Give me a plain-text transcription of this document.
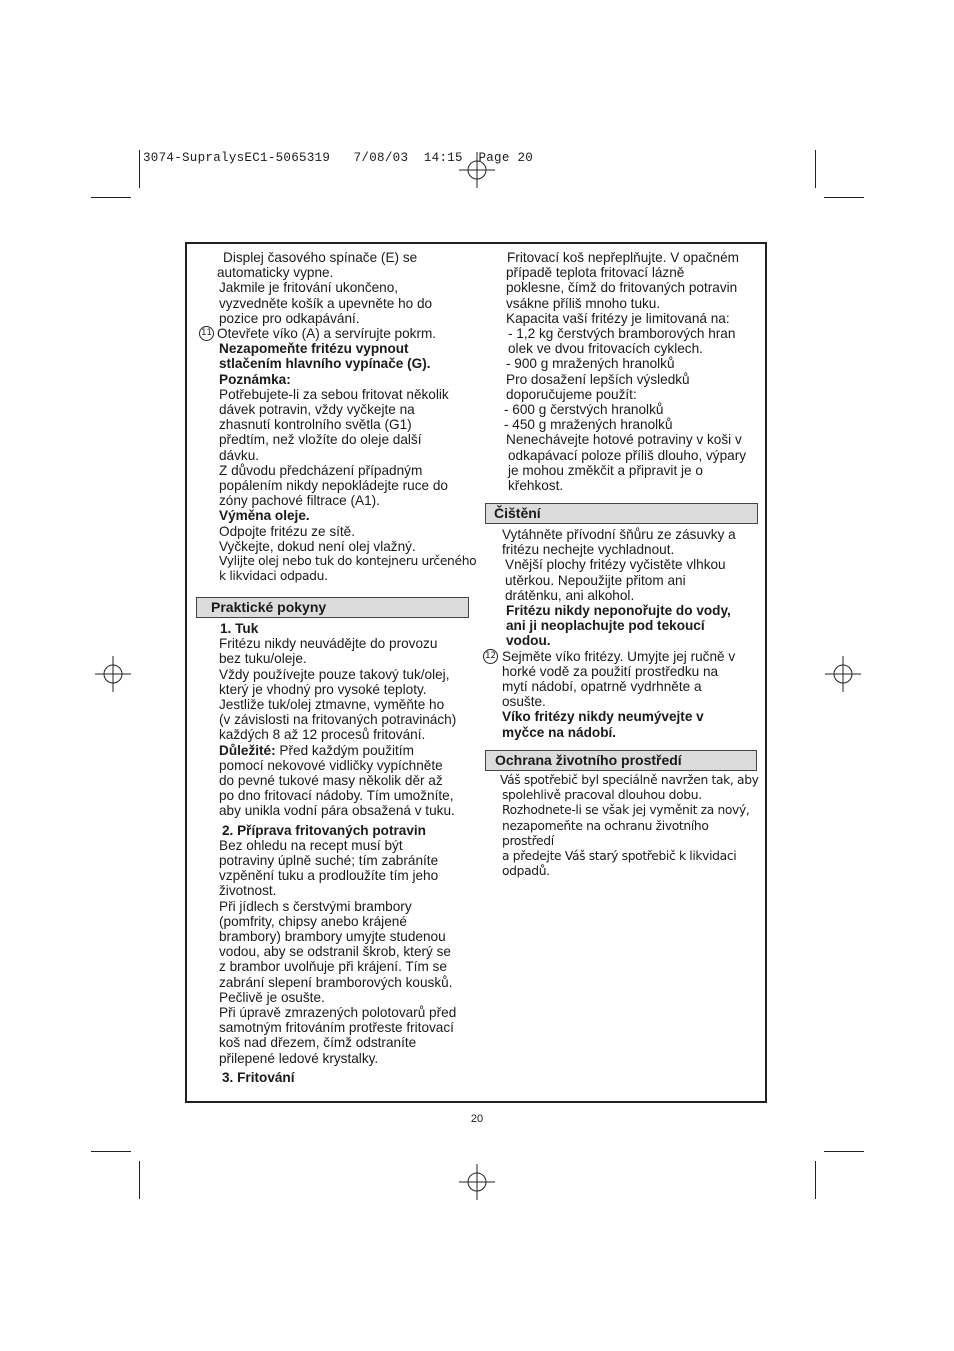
3074-SupralysEC1-5065319   7/08/03  14:15  Page 20

Displej časového spínače (E) se

automaticky vypne.

Jakmile je fritování ukončeno,

vyzvedněte košík a upevněte ho do

pozice pro odkapávání.

11 Otevřete víko (A) a servírujte pokrm.

Nezapomeňte fritézu vypnout

stlačením hlavního vypínače (G).

Poznámka:

Potřebujete-li za sebou fritovat několik

dávek potravin, vždy vyčkejte na

zhasnutí kontrolního světla (G1)

předtím, než vložíte do oleje další

dávku.

Z důvodu předcházení případným

popálením nikdy nepokládejte ruce do

zóny pachové filtrace (A1).

Výměna oleje.

Odpojte fritézu ze sítě.

Vyčkejte, dokud není olej vlažný.

Vylijte olej nebo tuk do kontejneru určeného

k likvidaci odpadu.

Praktické pokyny

1. Tuk

Fritézu nikdy neuvádějte do provozu

bez tuku/oleje.

Vždy používejte pouze takový tuk/olej,

který je vhodný pro vysoké teploty.

Jestliže tuk/olej ztmavne, vyměňte ho

(v závislosti na fritovaných potravinách)

každých 8 až 12 procesů fritování.

Důležité: Před každým použitím

pomocí nekovové vidličky vypíchněte

do pevné tukové masy několik děr až

po dno fritovací nádoby. Tím umožníte,

aby unikla vodní pára obsažená v tuku.

2. Příprava fritovaných potravin

Bez ohledu na recept musí být

potraviny úplně suché; tím zabráníte

vzpěnění tuku a prodloužíte tím jeho

životnost.

Při jídlech s čerstvými brambory

(pomfrity, chipsy anebo krájené

brambory) brambory umyjte studenou

vodou, aby se odstranil škrob, který se

z brambor uvolňuje při krájení. Tím se

zabrání slepení bramborových kousků.

Pečlivě je osušte.

Při úpravě zmrazených polotovarů před

samotným fritováním protřeste fritovací

koš nad dřezem, čímž odstraníte

přilepené ledové krystalky.

3. Fritování

Fritovací koš nepřeplňujte. V opačném

případě teplota fritovací lázně

poklesne, čímž do fritovaných potravin

vsákne příliš mnoho tuku.

Kapacita vaší fritézy je limitovaná na:

- 1,2 kg čerstvých bramborových hran

olek ve dvou fritovacích cyklech.

- 900 g mražených hranolků

Pro dosažení lepších výsledků

doporučujeme použít:

- 600 g čerstvých hranolků

- 450 g mražených hranolků

Nenechávejte hotové potraviny v koši v

odkapávací poloze příliš dlouho, výpary

je mohou změkčit a připravit je o

křehkost.

Čištění

Vytáhněte přívodní šňůru ze zásuvky a

fritézu nechejte vychladnout.

Vnější plochy fritézy vyčistěte vlhkou

utěrkou. Nepoužijte přitom ani

drátěnku, ani alkohol.

Fritézu nikdy neponořujte do vody,

ani ji neoplachujte pod tekoucí

vodou.

12 Sejměte víko fritézy. Umyjte jej ručně v

horké vodě za použití prostředku na

mytí nádobí, opatrně vydrhněte a

osušte.

Víko fritézy nikdy neumývejte v

myčce na nádobí.

Ochrana životního prostředí

Váš spotřebič byl speciálně navržen tak, aby

spolehlivě pracoval dlouhou dobu.

Rozhodnete-li se však jej vyměnit za nový,

nezapomeňte na ochranu životního prostředí

a předejte Váš starý spotřebič k likvidaci

odpadů.

20
